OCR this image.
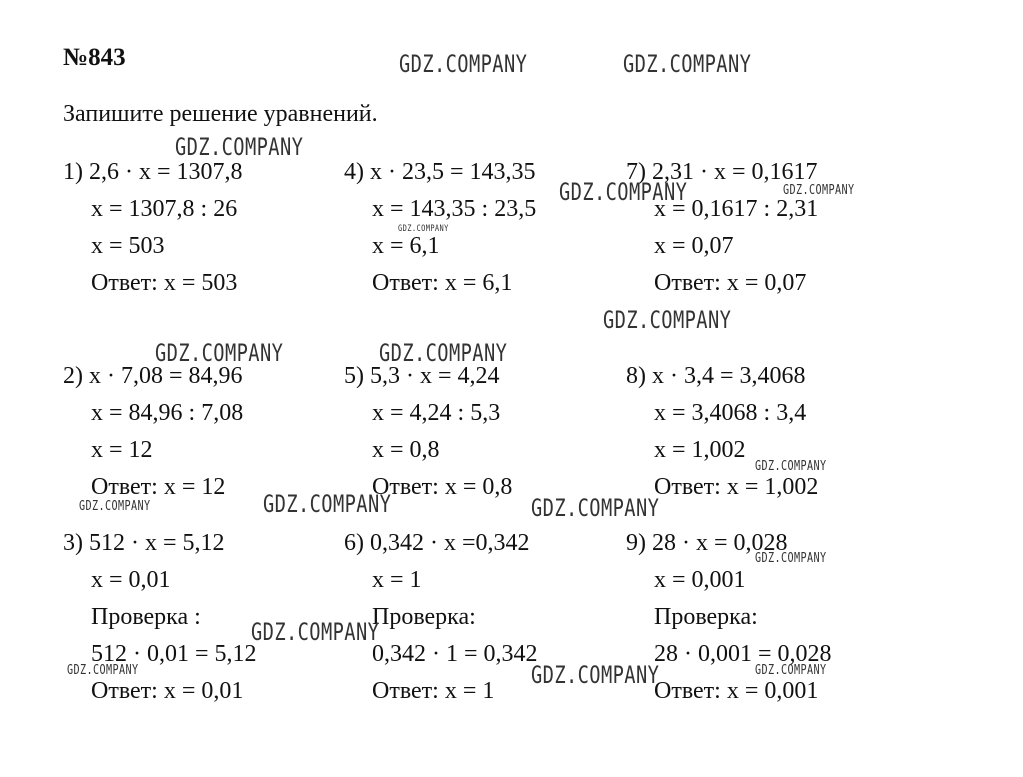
№843
Запишите решение уравнений.
1) 2,6 · x = 1307,8
x = 1307,8 : 26
x = 503
Ответ: x = 503
2) x · 7,08 = 84,96
x = 84,96 : 7,08
x = 12
Ответ: x = 12
3) 512 · x = 5,12
x = 0,01
Проверка :
512 · 0,01 = 5,12
Ответ: x = 0,01
4) x · 23,5 = 143,35
x = 143,35 : 23,5
x = 6,1
Ответ: x = 6,1
5) 5,3 · x = 4,24
x = 4,24 : 5,3
x = 0,8
Ответ: x = 0,8
6) 0,342 · x =0,342
x = 1
Проверка:
0,342 · 1 = 0,342
Ответ: x = 1
7) 2,31 · x = 0,1617
x = 0,1617 : 2,31
x = 0,07
Ответ: x = 0,07
8) x · 3,4 = 3,4068
x = 3,4068 : 3,4
x = 1,002
Ответ: x = 1,002
9) 28 · x = 0,028
x = 0,001
Проверка:
28 · 0,001 = 0,028
Ответ: x = 0,001
GDZ.COMPANY	GDZ.COMPANY
GDZ.COMPANY
GDZ.COMPANY	GDZ.COMPANY
GDZ.COMPANY
GDZ.COMPANY
GDZ.COMPANY	GDZ.COMPANY
GDZ.COMPANY
GDZ.COMPANY
GDZ.COMPANY	GDZ.COMPANY
GDZ.COMPANY
GDZ.COMPANY
GDZ.COMPANY
GDZ.COMPANY	GDZ.COMPANY
